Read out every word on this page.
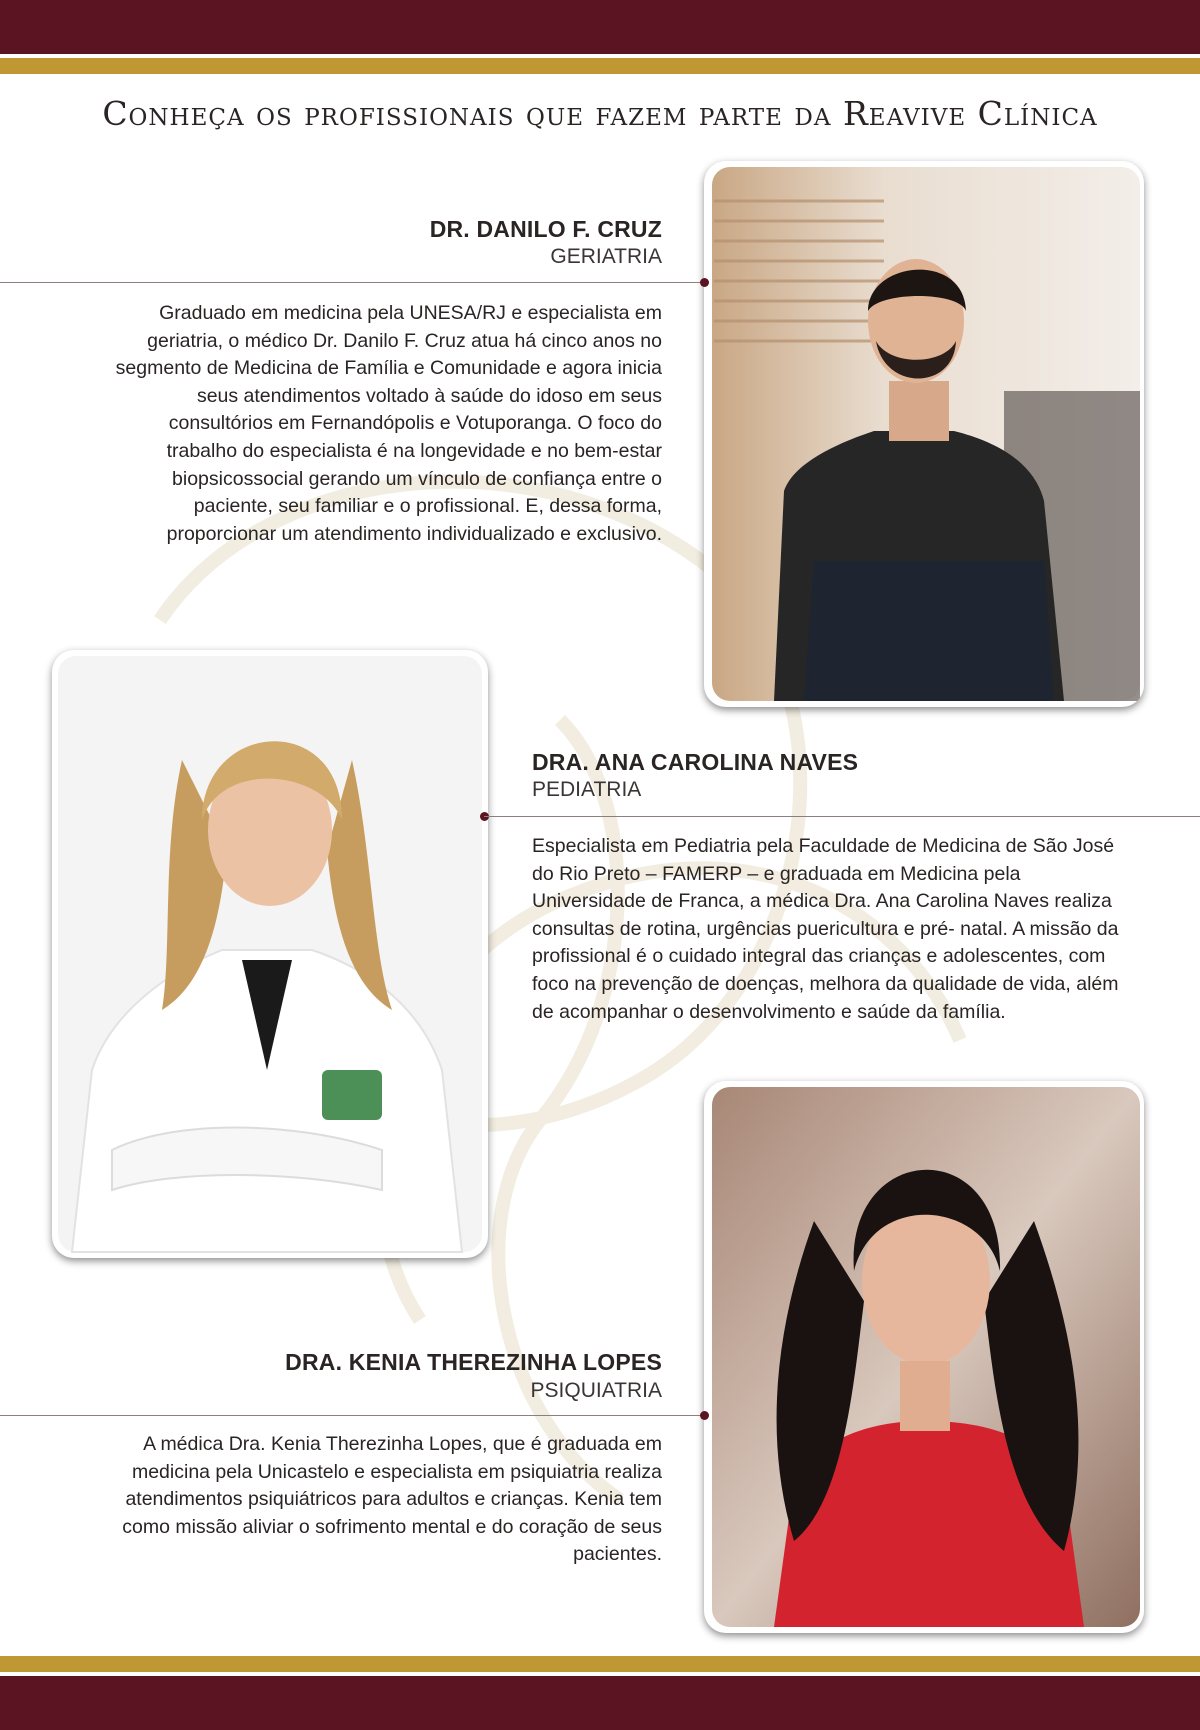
Conheça os profissionais que fazem parte da Reavive Clínica
DR. DANILO F. CRUZ
GERIATRIA
Graduado em medicina pela UNESA/RJ e especialista em geriatria, o médico Dr. Danilo F. Cruz atua há cinco anos no segmento de Medicina de Família e Comunidade e agora inicia seus atendimentos voltado à saúde do idoso em seus consultórios em Fernandópolis e Votuporanga. O foco do trabalho do especialista é na longevidade e no bem-estar biopsicossocial gerando um vínculo de confiança entre o paciente, seu familiar e o profissional. E, dessa forma, proporcionar um atendimento individualizado e exclusivo.
DRA. ANA CAROLINA NAVES
PEDIATRIA
Especialista em Pediatria pela Faculdade de Medicina de São José do Rio Preto – FAMERP – e graduada em Medicina pela Universidade de Franca, a médica Dra. Ana Carolina Naves realiza consultas de rotina, urgências puericultura e pré- natal. A missão da profissional é o cuidado integral das crianças e adolescentes, com foco na prevenção de doenças, melhora da qualidade de vida, além de acompanhar o desenvolvimento e saúde da família.
DRA. KENIA THEREZINHA LOPES
PSIQUIATRIA
A médica Dra. Kenia Therezinha Lopes, que é graduada em medicina pela Unicastelo e especialista em psiquiatria realiza atendimentos psiquiátricos para adultos e crianças. Kenia tem como missão aliviar o sofrimento mental e do coração de seus pacientes.
